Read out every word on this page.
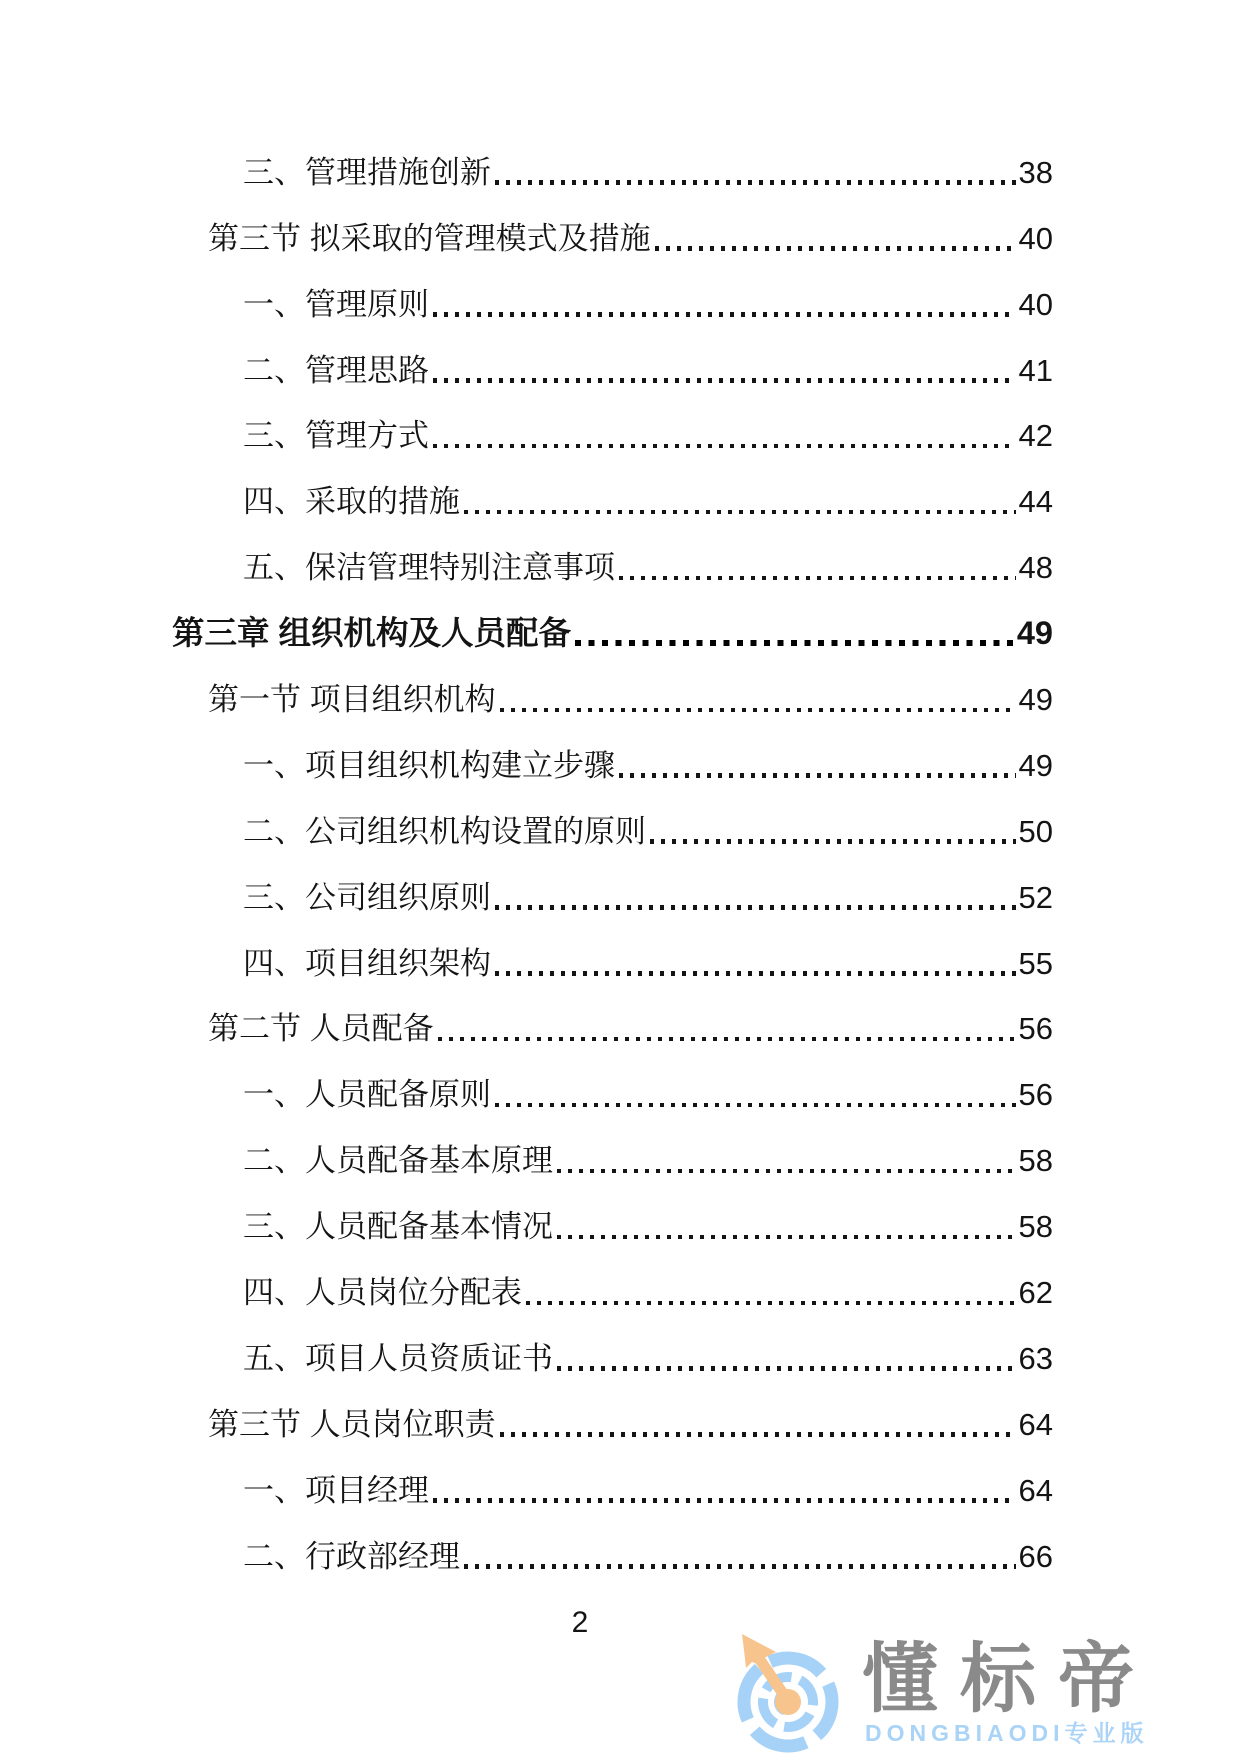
三、管理措施创新	38
第三节 拟采取的管理模式及措施	40
一、管理原则	40
二、管理思路	41
三、管理方式	42
四、采取的措施	44
五、保洁管理特别注意事项	48
第三章 组织机构及人员配备	49
第一节 项目组织机构	49
一、项目组织机构建立步骤	49
二、公司组织机构设置的原则	50
三、公司组织原则	52
四、项目组织架构	55
第二节 人员配备	56
一、人员配备原则	56
二、人员配备基本原理	58
三、人员配备基本情况	58
四、人员岗位分配表	62
五、项目人员资质证书	63
第三节 人员岗位职责	64
一、项目经理	64
二、行政部经理	66
2
懂标帝
DONGBIAODI专业版
